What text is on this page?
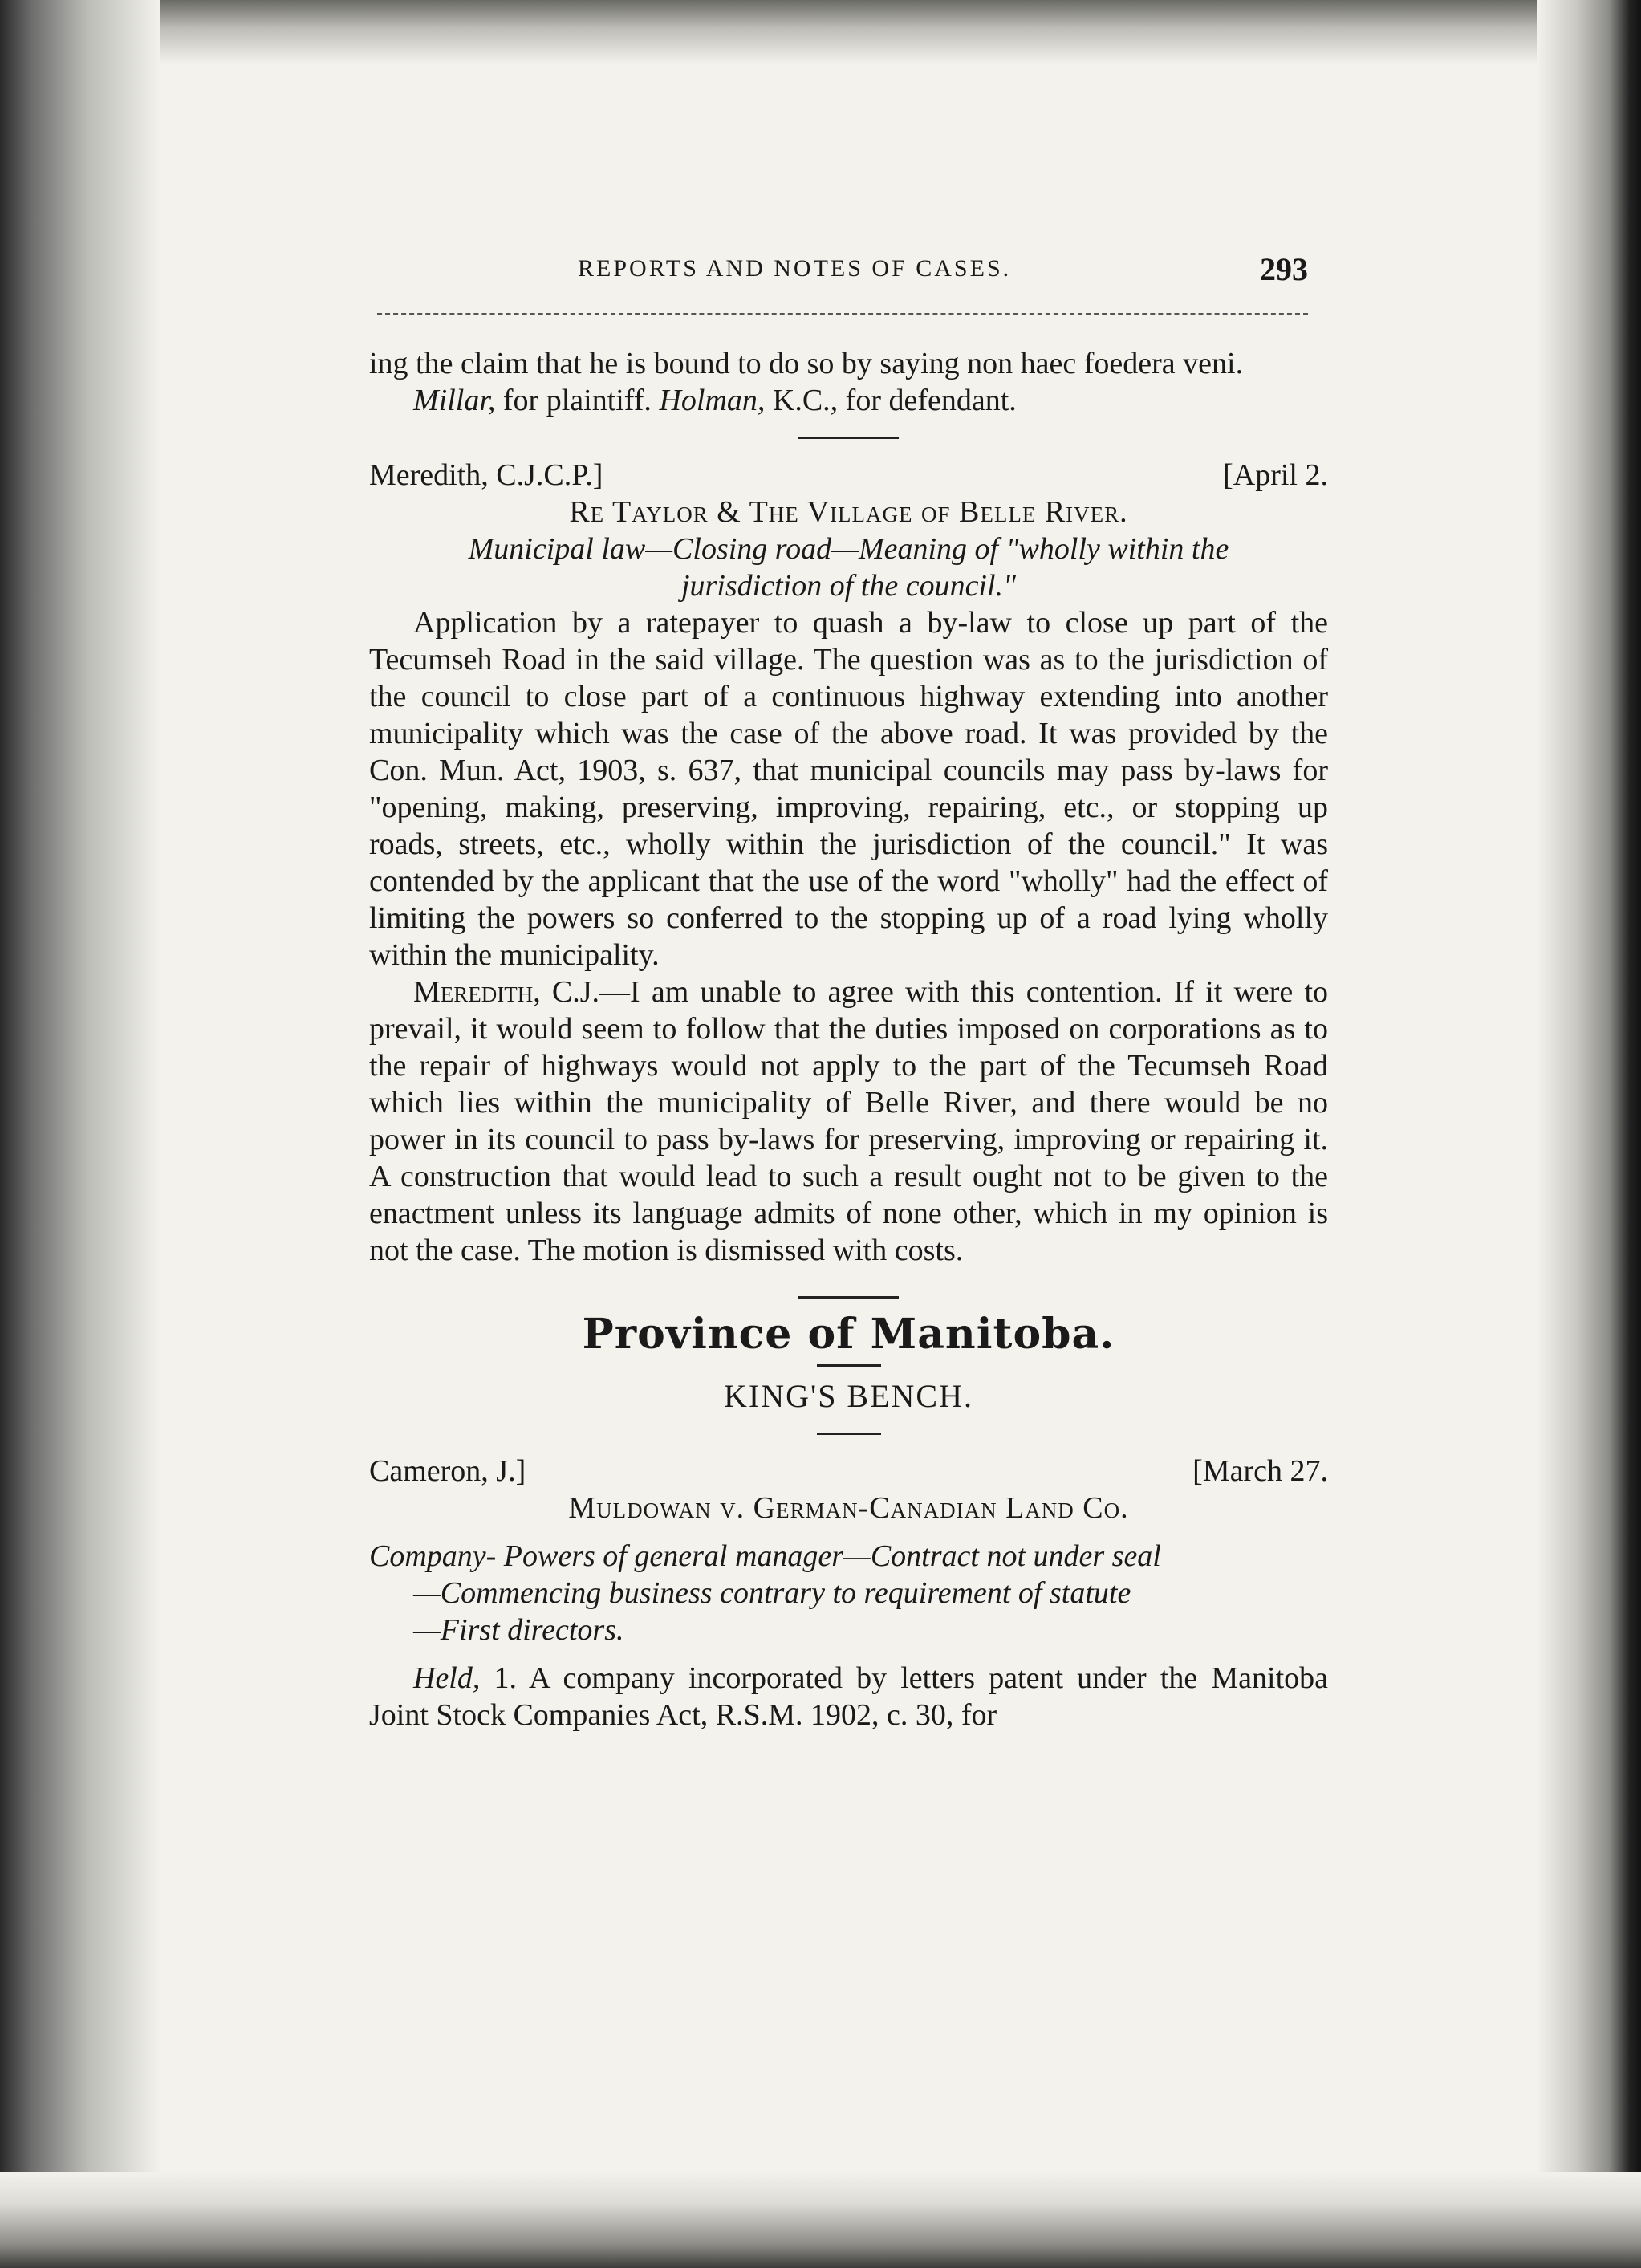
REPORTS AND NOTES OF CASES.	293

ing the claim that he is bound to do so by saying non haec foedera veni.

Millar, for plaintiff. Holman, K.C., for defendant.

Meredith, C.J.C.P.]	[April 2.
Re Taylor & The Village of Belle River.
Municipal law—Closing road—Meaning of "wholly within the
jurisdiction of the council."

Application by a ratepayer to quash a by-law to close up part of the Tecumseh Road in the said village. The question was as to the jurisdiction of the council to close part of a continuous highway extending into another municipality which was the case of the above road. It was provided by the Con. Mun. Act, 1903, s. 637, that municipal councils may pass by-laws for "opening, making, preserving, improving, repairing, etc., or stopping up roads, streets, etc., wholly within the jurisdiction of the council." It was contended by the applicant that the use of the word "wholly" had the effect of limiting the powers so conferred to the stopping up of a road lying wholly within the municipality.

Meredith, C.J.—I am unable to agree with this contention. If it were to prevail, it would seem to follow that the duties imposed on corporations as to the repair of highways would not apply to the part of the Tecumseh Road which lies within the municipality of Belle River, and there would be no power in its council to pass by-laws for preserving, improving or repairing it. A construction that would lead to such a result ought not to be given to the enactment unless its language admits of none other, which in my opinion is not the case. The motion is dismissed with costs.

Province of Manitoba.
KING'S BENCH.
Cameron, J.]	[March 27.
Muldowan v. German-Canadian Land Co.
Company- Powers of general manager—Contract not under seal
—Commencing business contrary to requirement of statute
—First directors.

Held, 1. A company incorporated by letters patent under the Manitoba Joint Stock Companies Act, R.S.M. 1902, c. 30, for
